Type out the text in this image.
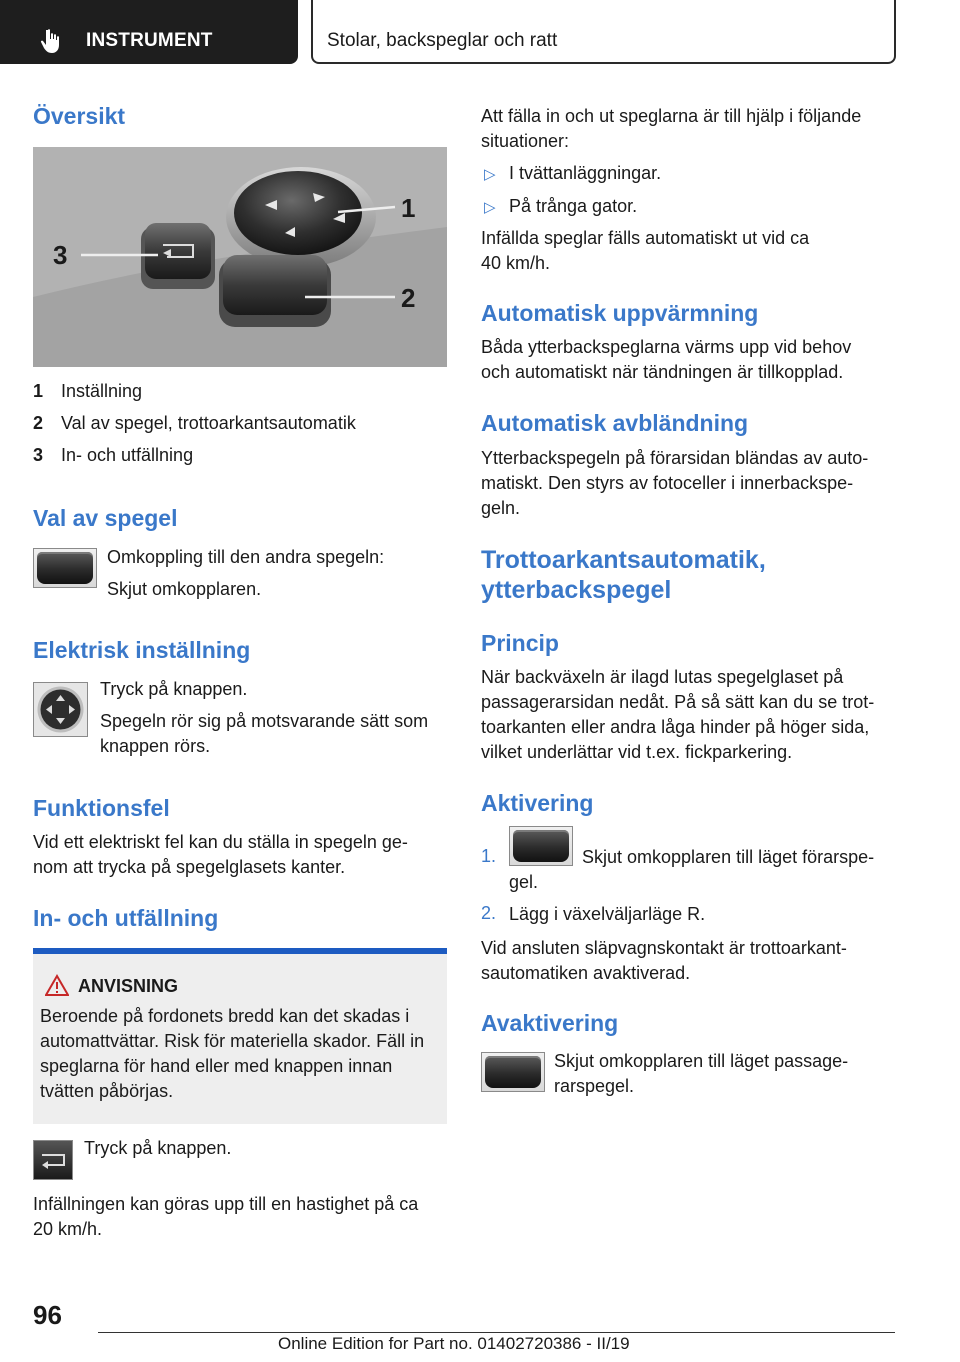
INSTRUMENT	Stolar, backspeglar och ratt
Översikt
1
2
3
1 Inställning
2 Val av spegel, trottoarkantsautomatik
3 In- och utfällning
Val av spegel
Omkoppling till den andra spegeln:
Skjut omkopplaren.
Elektrisk inställning
Tryck på knappen.
Spegeln rör sig på motsvarande sätt som
knappen rörs.
Funktionsfel
Vid ett elektriskt fel kan du ställa in spegeln ge-
nom att trycka på spegelglasets kanter.
In- och utfällning
ANVISNING
Beroende på fordonets bredd kan det skadas i
automattvättar. Risk för materiella skador. Fäll in
speglarna för hand eller med knappen innan
tvätten påbörjas.
Tryck på knappen.
Infällningen kan göras upp till en hastighet på ca
20 km/h.
Att fälla in och ut speglarna är till hjälp i följande
situationer:
▷ I tvättanläggningar.
▷ På trånga gator.
Infällda speglar fälls automatiskt ut vid ca
40 km/h.
Automatisk uppvärmning
Båda ytterbackspeglarna värms upp vid behov
och automatiskt när tändningen är tillkopplad.
Automatisk avbländning
Ytterbackspegeln på förarsidan bländas av auto-
matiskt. Den styrs av fotoceller i innerbackspe-
geln.
Trottoarkantsautomatik,
ytterbackspegel
Princip
När backväxeln är ilagd lutas spegelglaset på
passagerarsidan nedåt. På så sätt kan du se trot-
toarkanten eller andra låga hinder på höger sida,
vilket underlättar vid t.ex. fickparkering.
Aktivering
1.	Skjut omkopplaren till läget förarspe-
gel.
2. Lägg i växelväljarläge R.
Vid ansluten släpvagnskontakt är trottoarkant-
sautomatiken avaktiverad.
Avaktivering
Skjut omkopplaren till läget passage-
rarspegel.
96
Online Edition for Part no. 01402720386 - II/19
